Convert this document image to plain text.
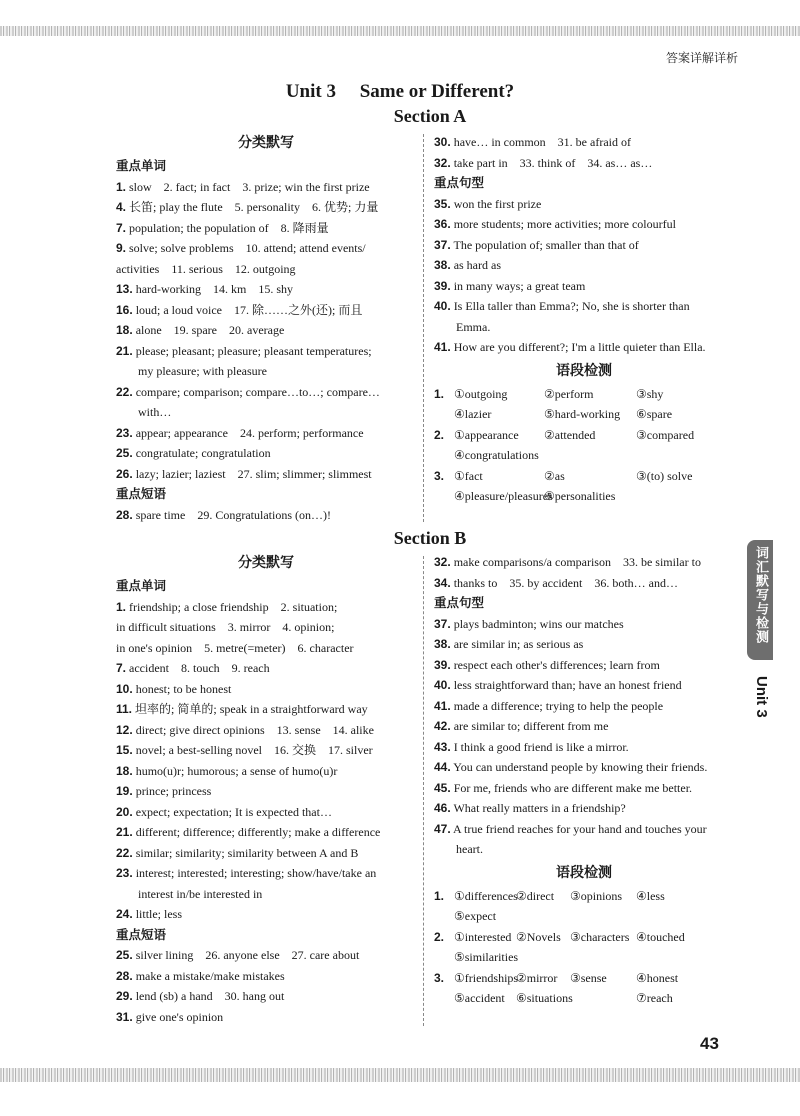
答案详解详析
Unit 3 　Same or Different?
Section A
分类默写
重点单词
1. slow　2. fact; in fact　3. prize; win the first prize
4. 长笛; play the flute　5. personality　6. 优势; 力量
7. population; the population of　8. 降雨量
9. solve; solve problems　10. attend; attend events/
activities　11. serious　12. outgoing
13. hard-working　14. km　15. shy
16. loud; a loud voice　17. 除……之外(还); 而且
18. alone　19. spare　20. average
21. please; pleasant; pleasure; pleasant temperatures;
my pleasure; with pleasure
22. compare; comparison; compare…to…; compare…
with…
23. appear; appearance　24. perform; performance
25. congratulate; congratulation
26. lazy; lazier; laziest　27. slim; slimmer; slimmest
重点短语
28. spare time　29. Congratulations (on…)!
30. have… in common　31. be afraid of
32. take part in　33. think of　34. as… as…
重点句型
35. won the first prize
36. more students; more activities; more colourful
37. The population of; smaller than that of
38. as hard as
39. in many ways; a great team
40. Is Ella taller than Emma?; No, she is shorter than
Emma.
41. How are you different?; I'm a little quieter than Ella.
语段检测
1. ①outgoing	②perform	③shy
④lazier	⑤hard-working	⑥spare
2. ①appearance	②attended	③compared
④congratulations
3. ①fact	②as	③(to) solve
④pleasure/pleasures
⑤personalities
Section B
分类默写
重点单词
1. friendship; a close friendship　2. situation;
in difficult situations　3. mirror　4. opinion;
in one's opinion　5. metre(=meter)　6. character
7. accident　8. touch　9. reach
10. honest; to be honest
11. 坦率的; 简单的; speak in a straightforward way
12. direct; give direct opinions　13. sense　14. alike
15. novel; a best-selling novel　16. 交换　17. silver
18. humo(u)r; humorous; a sense of humo(u)r
19. prince; princess
20. expect; expectation; It is expected that…
21. different; difference; differently; make a difference
22. similar; similarity; similarity between A and B
23. interest; interested; interesting; show/have/take an
interest in/be interested in
24. little; less
重点短语
25. silver lining　26. anyone else　27. care about
28. make a mistake/make mistakes
29. lend (sb) a hand　30. hang out
31. give one's opinion
32. make comparisons/a comparison　33. be similar to
34. thanks to　35. by accident　36. both… and…
重点句型
37. plays badminton; wins our matches
38. are similar in; as serious as
39. respect each other's differences; learn from
40. less straightforward than; have an honest friend
41. made a difference; trying to help the people
42. are similar to; different from me
43. I think a good friend is like a mirror.
44. You can understand people by knowing their friends.
45. For me, friends who are different make me better.
46. What really matters in a friendship?
47. A true friend reaches for your hand and touches your
heart.
语段检测
1. ①differences
②direct	③opinions	④less
⑤expect
2. ①interested ②Novels ③characters ④touched
⑤similarities
3. ①friendships
②mirror	③sense	④honest
⑤accident ⑥situations	⑦reach
词汇默写与检测
Unit 3
43
